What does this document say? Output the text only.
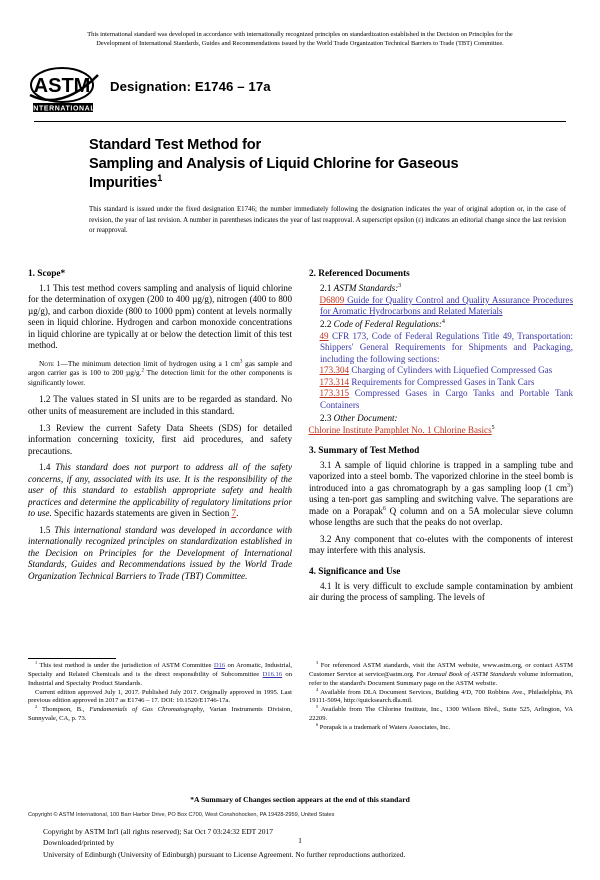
This international standard was developed in accordance with internationally recognized principles on standardization established in the Decision on Principles for the
Development of International Standards, Guides and Recommendations issued by the World Trade Organization Technical Barriers to Trade (TBT) Committee.
ASTM
INTERNATIONAL
Designation: E1746 – 17a
Standard Test Method for
Sampling and Analysis of Liquid Chlorine for Gaseous
Impurities$^1$
This standard is issued under the fixed designation E1746; the number immediately following the designation indicates the year of original adoption or, in the case of revision, the year of last revision. A number in parentheses indicates the year of last reapproval. A superscript epsilon (ε) indicates an editorial change since the last revision or reapproval.
1. Scope*

1.1 This test method covers sampling and analysis of liquid chlorine for the determination of oxygen (200 to 400 µg/g), nitrogen (400 to 800 µg/g), and carbon dioxide (800 to 1000 ppm) content at levels normally seen in liquid chlorine. Hydrogen and carbon monoxide concentrations in liquid chlorine are typically at or below the detection limit of this test method.

Note 1—The minimum detection limit of hydrogen using a 1 $cm^3$ gas sample and argon carrier gas is 100 to 200 µg/g.$^2$ The detection limit for the other components is significantly lower.

1.2 The values stated in SI units are to be regarded as standard. No other units of measurement are included in this standard.

1.3 Review the current Safety Data Sheets (SDS) for detailed information concerning toxicity, first aid procedures, and safety precautions.

1.4 This standard does not purport to address all of the safety concerns, if any, associated with its use. It is the responsibility of the user of this standard to establish appropriate safety and health practices and determine the applicability of regulatory limitations prior to use. Specific hazards statements are given in Section 7.

1.5 This international standard was developed in accordance with internationally recognized principles on standardization established in the Decision on Principles for the Development of International Standards, Guides and Recommendations issued by the World Trade Organization Technical Barriers to Trade (TBT) Committee.

2. Referenced Documents

2.1 ASTM Standards:$^3$

D6809 Guide for Quality Control and Quality Assurance Procedures for Aromatic Hydrocarbons and Related Materials

2.2 Code of Federal Regulations:$^4$

49 CFR 173, Code of Federal Regulations Title 49, Transportation: Shippers' General Requirements for Shipments and Packaging, including the following sections:

173.304 Charging of Cylinders with Liquefied Compressed Gas

173.314 Requirements for Compressed Gases in Tank Cars

173.315 Compressed Gases in Cargo Tanks and Portable Tank Containers

2.3 Other Document:

Chlorine Institute Pamphlet No. 1 Chlorine Basics$^5$

3. Summary of Test Method

3.1 A sample of liquid chlorine is trapped in a sampling tube and vaporized into a steel bomb. The vaporized chlorine in the steel bomb is introduced into a gas chromatograph by a gas sampling loop (1 $cm^3$) using a ten-port gas sampling and switching valve. The separations are made on a Porapak$^6$ Q column and on a 5A molecular sieve column whose lengths are such that the peaks do not overlap.

3.2 Any component that co-elutes with the components of interest may interfere with this analysis.

4. Significance and Use

4.1 It is very difficult to exclude sample contamination by ambient air during the process of sampling. The levels of

$^1$ This test method is under the jurisdiction of ASTM Committee D16 on Aromatic, Industrial, Specialty and Related Chemicals and is the direct responsibility of Subcommittee D16.16 on Industrial and Specialty Product Standards.

Current edition approved July 1, 2017. Published July 2017. Originally approved in 1995. Last previous edition approved in 2017 as E1746 – 17. DOI: 10.1520/E1746-17a.

$^2$ Thompson, B., Fundamentals of Gas Chromatography, Varian Instruments Division, Sunnyvale, CA, p. 73.

$^3$ For referenced ASTM standards, visit the ASTM website, www.astm.org, or contact ASTM Customer Service at service@astm.org. For Annual Book of ASTM Standards volume information, refer to the standard's Document Summary page on the ASTM website.

$^4$ Available from DLA Document Services, Building 4/D, 700 Robbins Ave., Philadelphia, PA 19111-5094, http://quicksearch.dla.mil.

$^5$ Available from The Chlorine Institute, Inc., 1300 Wilson Blvd., Suite 525, Arlington, VA 22209.

$^6$ Porapak is a trademark of Waters Associates, Inc.

*A Summary of Changes section appears at the end of this standard
Copyright © ASTM International, 100 Barr Harbor Drive, PO Box C700, West Conshohocken, PA 19428-2959, United States
Copyright by ASTM Int'l (all rights reserved); Sat Oct 7 03:24:32 EDT 2017
Downloaded/printed by
University of Edinburgh (University of Edinburgh) pursuant to License Agreement. No further reproductions authorized.
1
